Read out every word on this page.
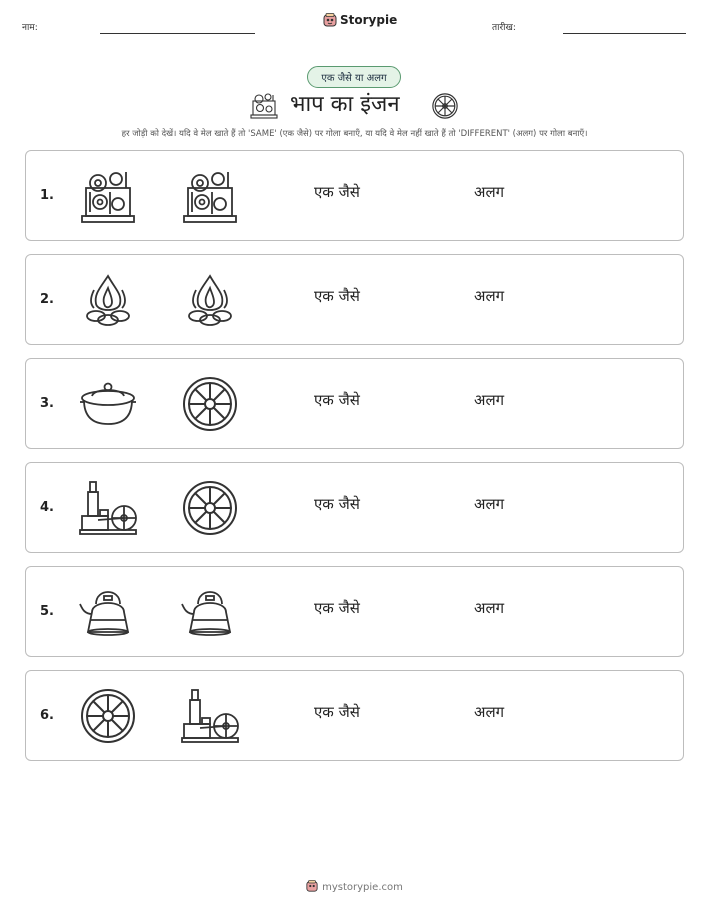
नाम:
Storypie
तारीख:
एक जैसे या अलग
भाप का इंजन
हर जोड़ी को देखें। यदि वे मेल खाते हैं तो 'SAME' (एक जैसे) पर गोला बनाएँ, या यदि वे मेल नहीं खाते हैं तो 'DIFFERENT' (अलग) पर गोला बनाएँ।
1.	एक जैसे	अलग
2.	एक जैसे	अलग
3.	एक जैसे	अलग
4.	एक जैसे	अलग
5.	एक जैसे	अलग
6.	एक जैसे	अलग
mystorypie.com
